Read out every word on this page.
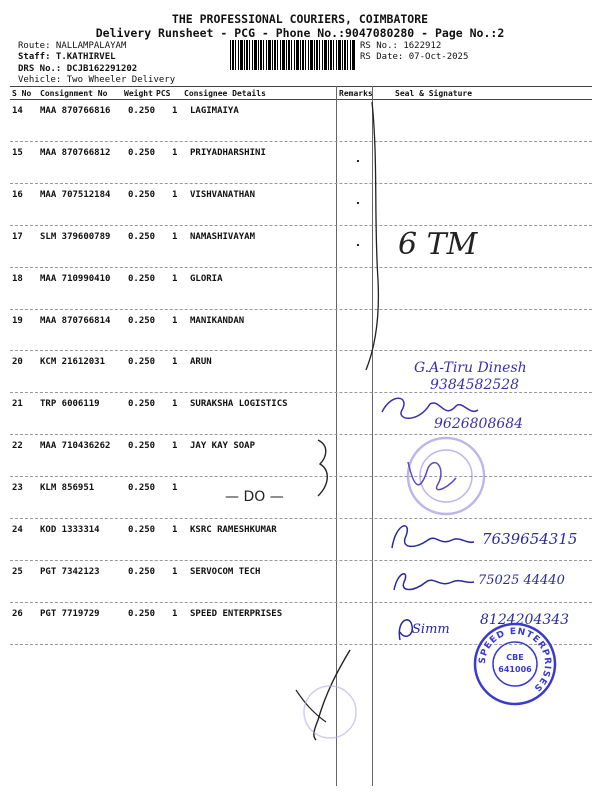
THE PROFESSIONAL COURIERS, COIMBATORE
Delivery Runsheet - PCG - Phone No.:9047080280 - Page No.:2
Route: NALLAMPALAYAM
Staff: T.KATHIRVEL
DRS No.: DCJB162291202
Vehicle: Two Wheeler Delivery
RS No.: 1622912
RS Date: 07-Oct-2025
S No Consignment No Weight PCS Consignee Details	Remarks	Seal & Signature
14 MAA 870766816 0.250 1 LAGIMAIYA
15 MAA 870766812 0.250 1 PRIYADHARSHINI
16 MAA 707512184 0.250 1 VISHVANATHAN
17 SLM 379600789 0.250 1 NAMASHIVAYAM
18 MAA 710990410 0.250 1 GLORIA
19 MAA 870766814 0.250 1 MANIKANDAN
20 KCM 21612031	0.250 1 ARUN
21 TRP 6006119	0.250 1 SURAKSHA LOGISTICS
22 MAA 710436262 0.250 1 JAY KAY SOAP
23 KLM 856951	0.250 1
24 KOD 1333314	0.250 1 KSRC RAMESHKUMAR
25 PGT 7342123	0.250 1 SERVOCOM TECH
26 PGT 7719729	0.250 1 SPEED ENTERPRISES
— DO —
6 TM
G.A-Tiru Dinesh
9384582528
9626808684
7639654315
75025 44440
Simm
8124204343
SPEED ENTERPRISES
CBE
641006
